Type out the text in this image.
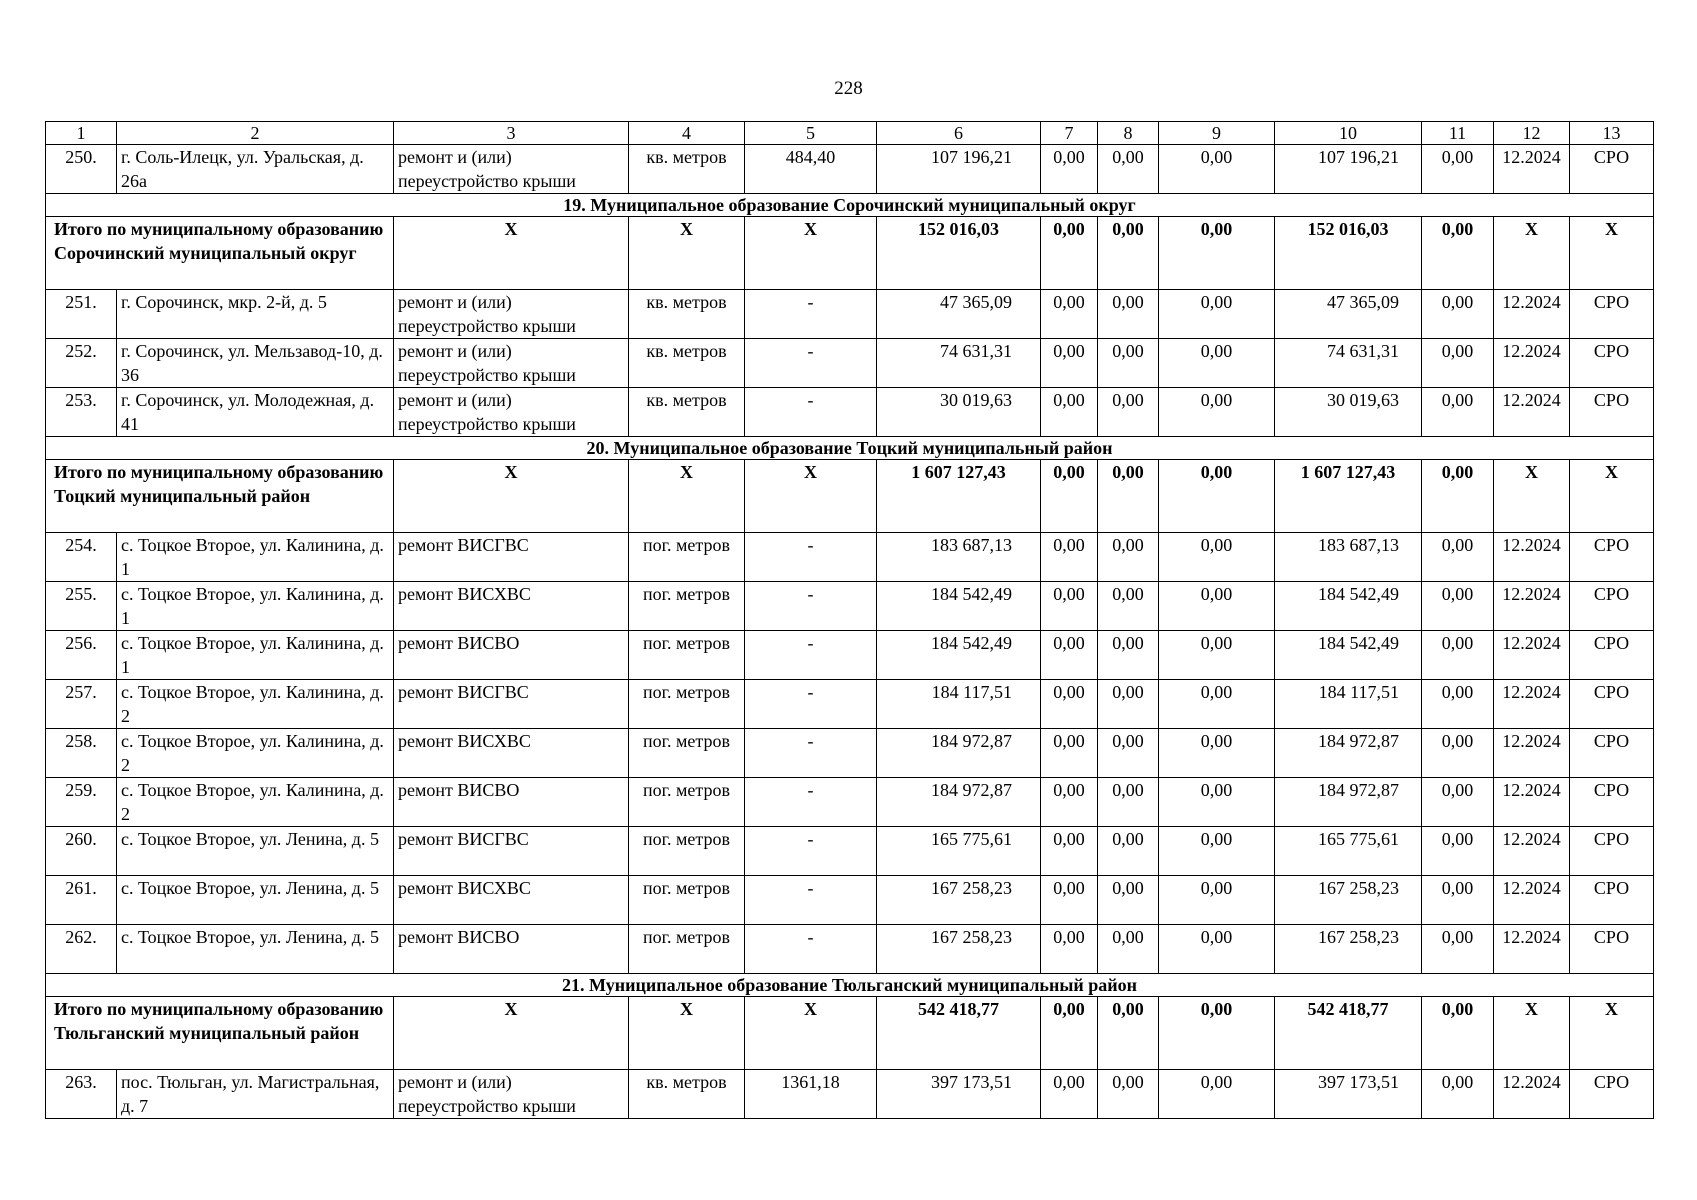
228
1	2	3	4	5	6	7	8	9	10	11	12	13
250.	г. Соль-Илецк, ул. Уральская, д. 26а	ремонт и (или) переустройство крыши	кв. метров	484,40	107 196,21	0,00	0,00	0,00	107 196,21	0,00	12.2024	СРО
19. Муниципальное образование Сорочинский муниципальный округ												
Итого по муниципальному образованию Сорочинский муниципальный округ		Х	Х	Х	152 016,03	0,00	0,00	0,00	152 016,03	0,00	Х	Х
251.	г. Сорочинск, мкр. 2-й, д. 5	ремонт и (или) переустройство крыши	кв. метров	-	47 365,09	0,00	0,00	0,00	47 365,09	0,00	12.2024	СРО
252.	г. Сорочинск, ул. Мельзавод-10, д. 36	ремонт и (или) переустройство крыши	кв. метров	-	74 631,31	0,00	0,00	0,00	74 631,31	0,00	12.2024	СРО
253.	г. Сорочинск, ул. Молодежная, д. 41	ремонт и (или) переустройство крыши	кв. метров	-	30 019,63	0,00	0,00	0,00	30 019,63	0,00	12.2024	СРО
20. Муниципальное образование Тоцкий муниципальный район												
Итого по муниципальному образованию Тоцкий муниципальный район		Х	Х	Х	1 607 127,43	0,00	0,00	0,00	1 607 127,43	0,00	Х	Х
254.	с. Тоцкое Второе, ул. Калинина, д. 1	ремонт ВИСГВС	пог. метров	-	183 687,13	0,00	0,00	0,00	183 687,13	0,00	12.2024	СРО
255.	с. Тоцкое Второе, ул. Калинина, д. 1	ремонт ВИСХВС	пог. метров	-	184 542,49	0,00	0,00	0,00	184 542,49	0,00	12.2024	СРО
256.	с. Тоцкое Второе, ул. Калинина, д. 1	ремонт ВИСВО	пог. метров	-	184 542,49	0,00	0,00	0,00	184 542,49	0,00	12.2024	СРО
257.	с. Тоцкое Второе, ул. Калинина, д. 2	ремонт ВИСГВС	пог. метров	-	184 117,51	0,00	0,00	0,00	184 117,51	0,00	12.2024	СРО
258.	с. Тоцкое Второе, ул. Калинина, д. 2	ремонт ВИСХВС	пог. метров	-	184 972,87	0,00	0,00	0,00	184 972,87	0,00	12.2024	СРО
259.	с. Тоцкое Второе, ул. Калинина, д. 2	ремонт ВИСВО	пог. метров	-	184 972,87	0,00	0,00	0,00	184 972,87	0,00	12.2024	СРО
260.	с. Тоцкое Второе, ул. Ленина, д. 5	ремонт ВИСГВС	пог. метров	-	165 775,61	0,00	0,00	0,00	165 775,61	0,00	12.2024	СРО
261.	с. Тоцкое Второе, ул. Ленина, д. 5	ремонт ВИСХВС	пог. метров	-	167 258,23	0,00	0,00	0,00	167 258,23	0,00	12.2024	СРО
262.	с. Тоцкое Второе, ул. Ленина, д. 5	ремонт ВИСВО	пог. метров	-	167 258,23	0,00	0,00	0,00	167 258,23	0,00	12.2024	СРО
21. Муниципальное образование Тюльганский муниципальный район												
Итого по муниципальному образованию Тюльганский муниципальный район		Х	Х	Х	542 418,77	0,00	0,00	0,00	542 418,77	0,00	Х	Х
263.	пос. Тюльган, ул. Магистральная, д. 7	ремонт и (или) переустройство крыши	кв. метров	1361,18	397 173,51	0,00	0,00	0,00	397 173,51	0,00	12.2024	СРО
